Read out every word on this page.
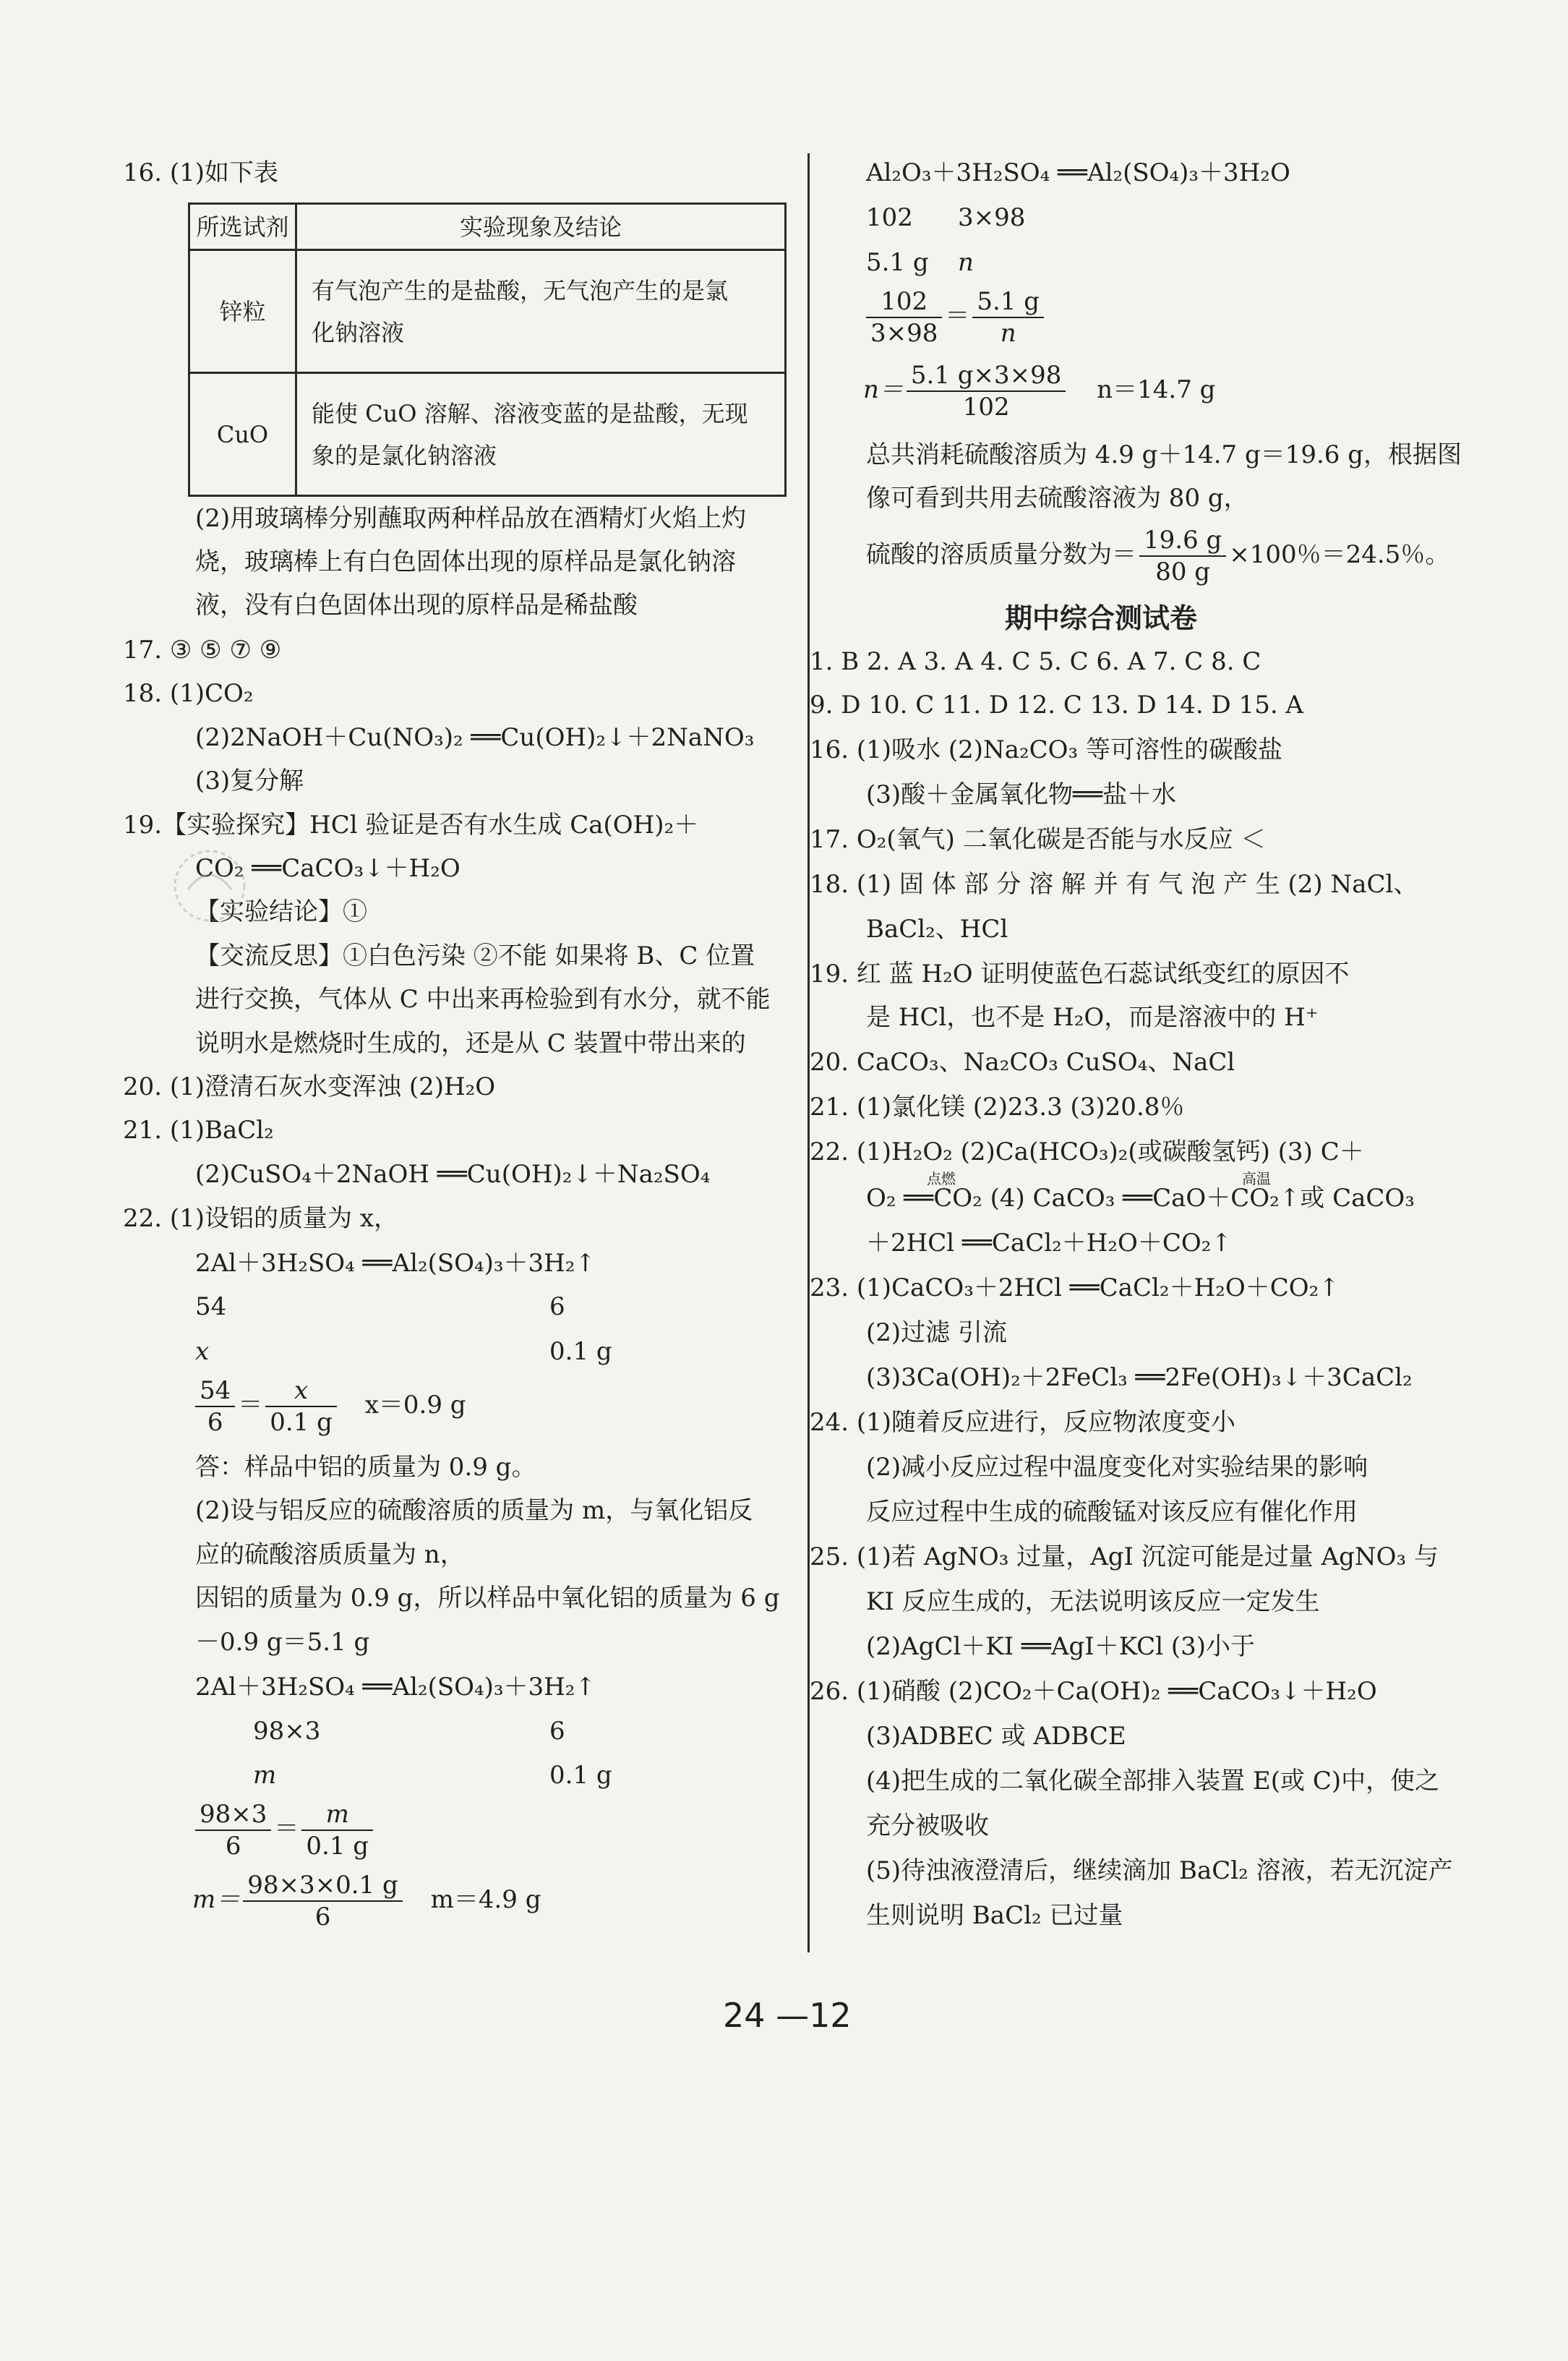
16. (1)如下表
所选试剂	实验现象及结论
锌粒	有气泡产生的是盐酸，无气泡产生的是氯
化钠溶液

CuO	能使 CuO 溶解、溶液变蓝的是盐酸，无现
象的是氯化钠溶液
(2)用玻璃棒分别蘸取两种样品放在酒精灯火焰上灼
烧，玻璃棒上有白色固体出现的原样品是氯化钠溶
液，没有白色固体出现的原样品是稀盐酸
17. ③ ⑤ ⑦ ⑨
18. (1)CO₂
(2)2NaOH＋Cu(NO₃)₂ ══Cu(OH)₂↓＋2NaNO₃
(3)复分解
19.【实验探究】HCl 验证是否有水生成 Ca(OH)₂＋
CO₂ ══CaCO₃↓＋H₂O
【实验结论】①
【交流反思】①白色污染 ②不能 如果将 B、C 位置
进行交换，气体从 C 中出来再检验到有水分，就不能
说明水是燃烧时生成的，还是从 C 装置中带出来的
20. (1)澄清石灰水变浑浊 (2)H₂O
21. (1)BaCl₂
(2)CuSO₄＋2NaOH ══Cu(OH)₂↓＋Na₂SO₄
22. (1)设铝的质量为 x，
2Al＋3H₂SO₄ ══Al₂(SO₄)₃＋3H₂↑
54	6
x	0.1 g
$\frac{54}{6} = \frac{x}{0.1 g} x=0.9$ g
答：样品中铝的质量为 0.9 g。
(2)设与铝反应的硫酸溶质的质量为 m，与氧化铝反
应的硫酸溶质质量为 n，
因铝的质量为 0.9 g，所以样品中氧化铝的质量为 6 g
－0.9 g＝5.1 g
2Al＋3H₂SO₄ ══Al₂(SO₄)₃＋3H₂↑
98×3	6
m	0.1 g
$\frac{98\times 3}{6} = \frac{m}{0.1 g}$
$m= \frac{98\times 3\times 0.1 g}{6} m=4.9$ g
Al₂O₃＋3H₂SO₄ ══Al₂(SO₄)₃＋3H₂O
102 3×98
5.1 g n
$\frac{102}{3\times 98} = \frac{5.1 g}{n}$
$n= \frac{5.1 g\times 3\times 98}{102} n=14.7$ g
总共消耗硫酸溶质为 4.9 g＋14.7 g＝19.6 g，根据图
像可看到共用去硫酸溶液为 80 g，
硫酸的溶质质量分数为＝ $\frac{19.6 g}{80 g} \times 100$％＝24.5％。
期中综合测试卷
1. B 2. A 3. A 4. C 5. C 6. A 7. C 8. C
9. D 10. C 11. D 12. C 13. D 14. D 15. A
16. (1)吸水 (2)Na₂CO₃ 等可溶性的碳酸盐
(3)酸＋金属氧化物══盐＋水
17. O₂(氧气) 二氧化碳是否能与水反应 ＜
18. (1) 固 体 部 分 溶 解 并 有 气 泡 产 生 (2) NaCl、
BaCl₂、HCl
19. 红 蓝 H₂O 证明使蓝色石蕊试纸变红的原因不
是 HCl，也不是 H₂O，而是溶液中的 H⁺
20. CaCO₃、Na₂CO₃ CuSO₄、NaCl
21. (1)氯化镁 (2)23.3 (3)20.8％
22. (1)H₂O₂ (2)Ca(HCO₃)₂(或碳酸氢钙) (3) C＋
点燃	高温
O₂ ══CO₂ (4) CaCO₃ ══CaO＋CO₂↑或 CaCO₃
＋2HCl ══CaCl₂＋H₂O＋CO₂↑
23. (1)CaCO₃＋2HCl ══CaCl₂＋H₂O＋CO₂↑
(2)过滤 引流
(3)3Ca(OH)₂＋2FeCl₃ ══2Fe(OH)₃↓＋3CaCl₂
24. (1)随着反应进行，反应物浓度变小
(2)减小反应过程中温度变化对实验结果的影响
反应过程中生成的硫酸锰对该反应有催化作用
25. (1)若 AgNO₃ 过量，AgI 沉淀可能是过量 AgNO₃ 与
KI 反应生成的，无法说明该反应一定发生
(2)AgCl＋KI ══AgI＋KCl (3)小于
26. (1)硝酸 (2)CO₂＋Ca(OH)₂ ══CaCO₃↓＋H₂O
(3)ADBEC 或 ADBCE
(4)把生成的二氧化碳全部排入装置 E(或 C)中，使之
充分被吸收
(5)待浊液澄清后，继续滴加 BaCl₂ 溶液，若无沉淀产
生则说明 BaCl₂ 已过量
24 —12
